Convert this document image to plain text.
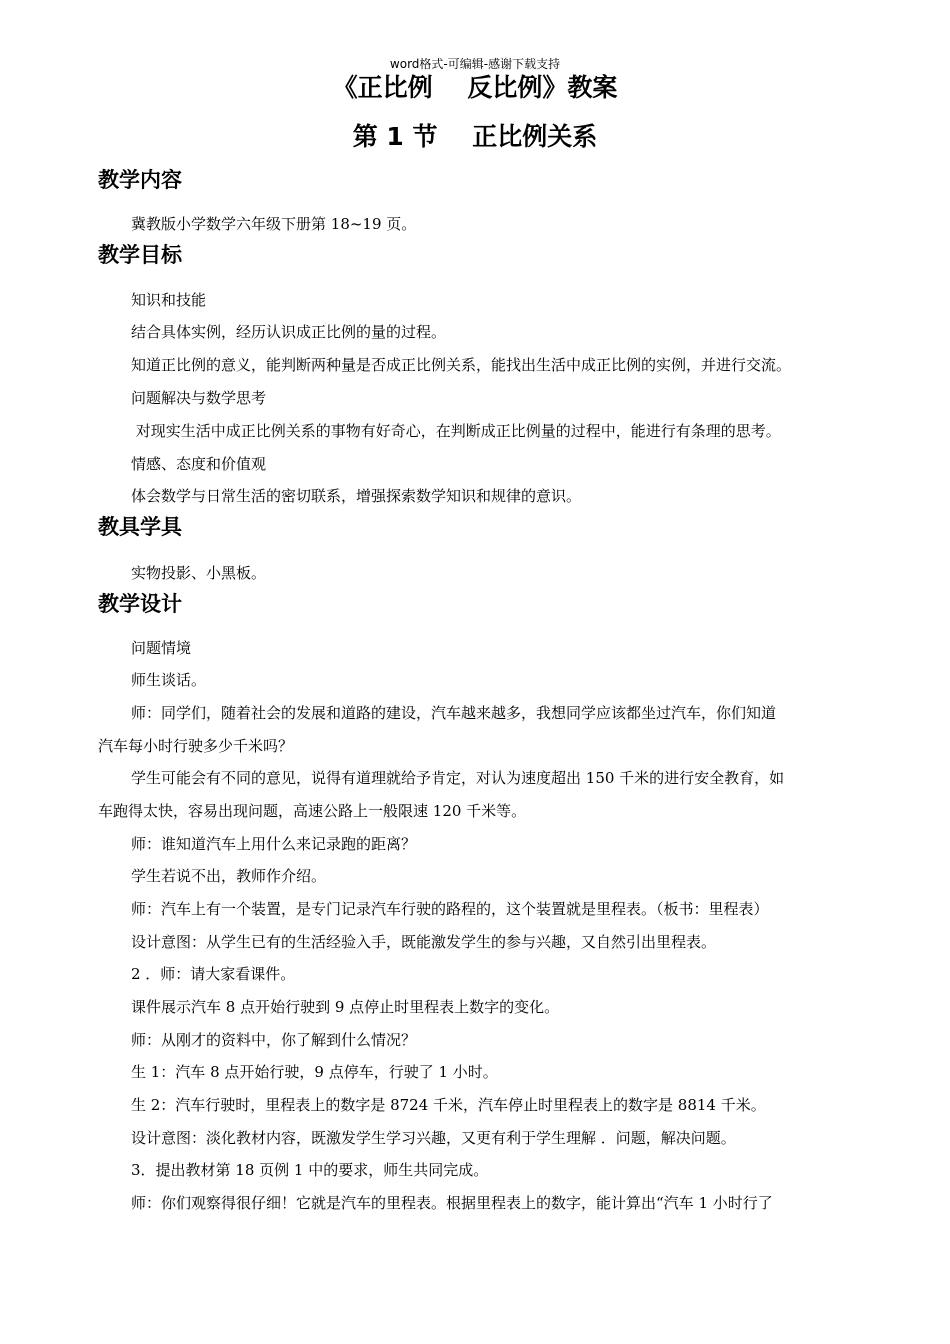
word格式-可编辑-感谢下载支持
《正比例    反比例》教案
第 1 节    正比例关系
教学内容
冀教版小学数学六年级下册第 18~19 页。
教学目标
知识和技能
结合具体实例，经历认识成正比例的量的过程。
知道正比例的意义，能判断两种量是否成正比例关系，能找出生活中成正比例的实例，并进行交流。
问题解决与数学思考
对现实生活中成正比例关系的事物有好奇心，在判断成正比例量的过程中，能进行有条理的思考。
情感、态度和价值观
体会数学与日常生活的密切联系，增强探索数学知识和规律的意识。
教具学具
实物投影、小黑板。
教学设计
问题情境
师生谈话。
师：同学们，随着社会的发展和道路的建设，汽车越来越多，我想同学应该都坐过汽车，你们知道
汽车每小时行驶多少千米吗？
学生可能会有不同的意见，说得有道理就给予肯定，对认为速度超出 150 千米的进行安全教育，如
车跑得太快，容易出现问题，高速公路上一般限速 120 千米等。
师：谁知道汽车上用什么来记录跑的距离？
学生若说不出，教师作介绍。
师：汽车上有一个装置，是专门记录汽车行驶的路程的，这个装置就是里程表。（板书：里程表）
设计意图：从学生已有的生活经验入手，既能激发学生的参与兴趣，又自然引出里程表。
2 ．师：请大家看课件。
课件展示汽车 8 点开始行驶到 9 点停止时里程表上数字的变化。
师：从刚才的资料中，你了解到什么情况？
生 1：汽车 8 点开始行驶，9 点停车，行驶了 1 小时。
生 2：汽车行驶时，里程表上的数字是 8724 千米，汽车停止时里程表上的数字是 8814 千米。
设计意图：淡化教材内容，既激发学生学习兴趣，又更有利于学生理解 ．问题，解决问题。
3．提出教材第 18 页例 1 中的要求，师生共同完成。
师：你们观察得很仔细！它就是汽车的里程表。根据里程表上的数字，能计算出“汽车 1 小时行了
